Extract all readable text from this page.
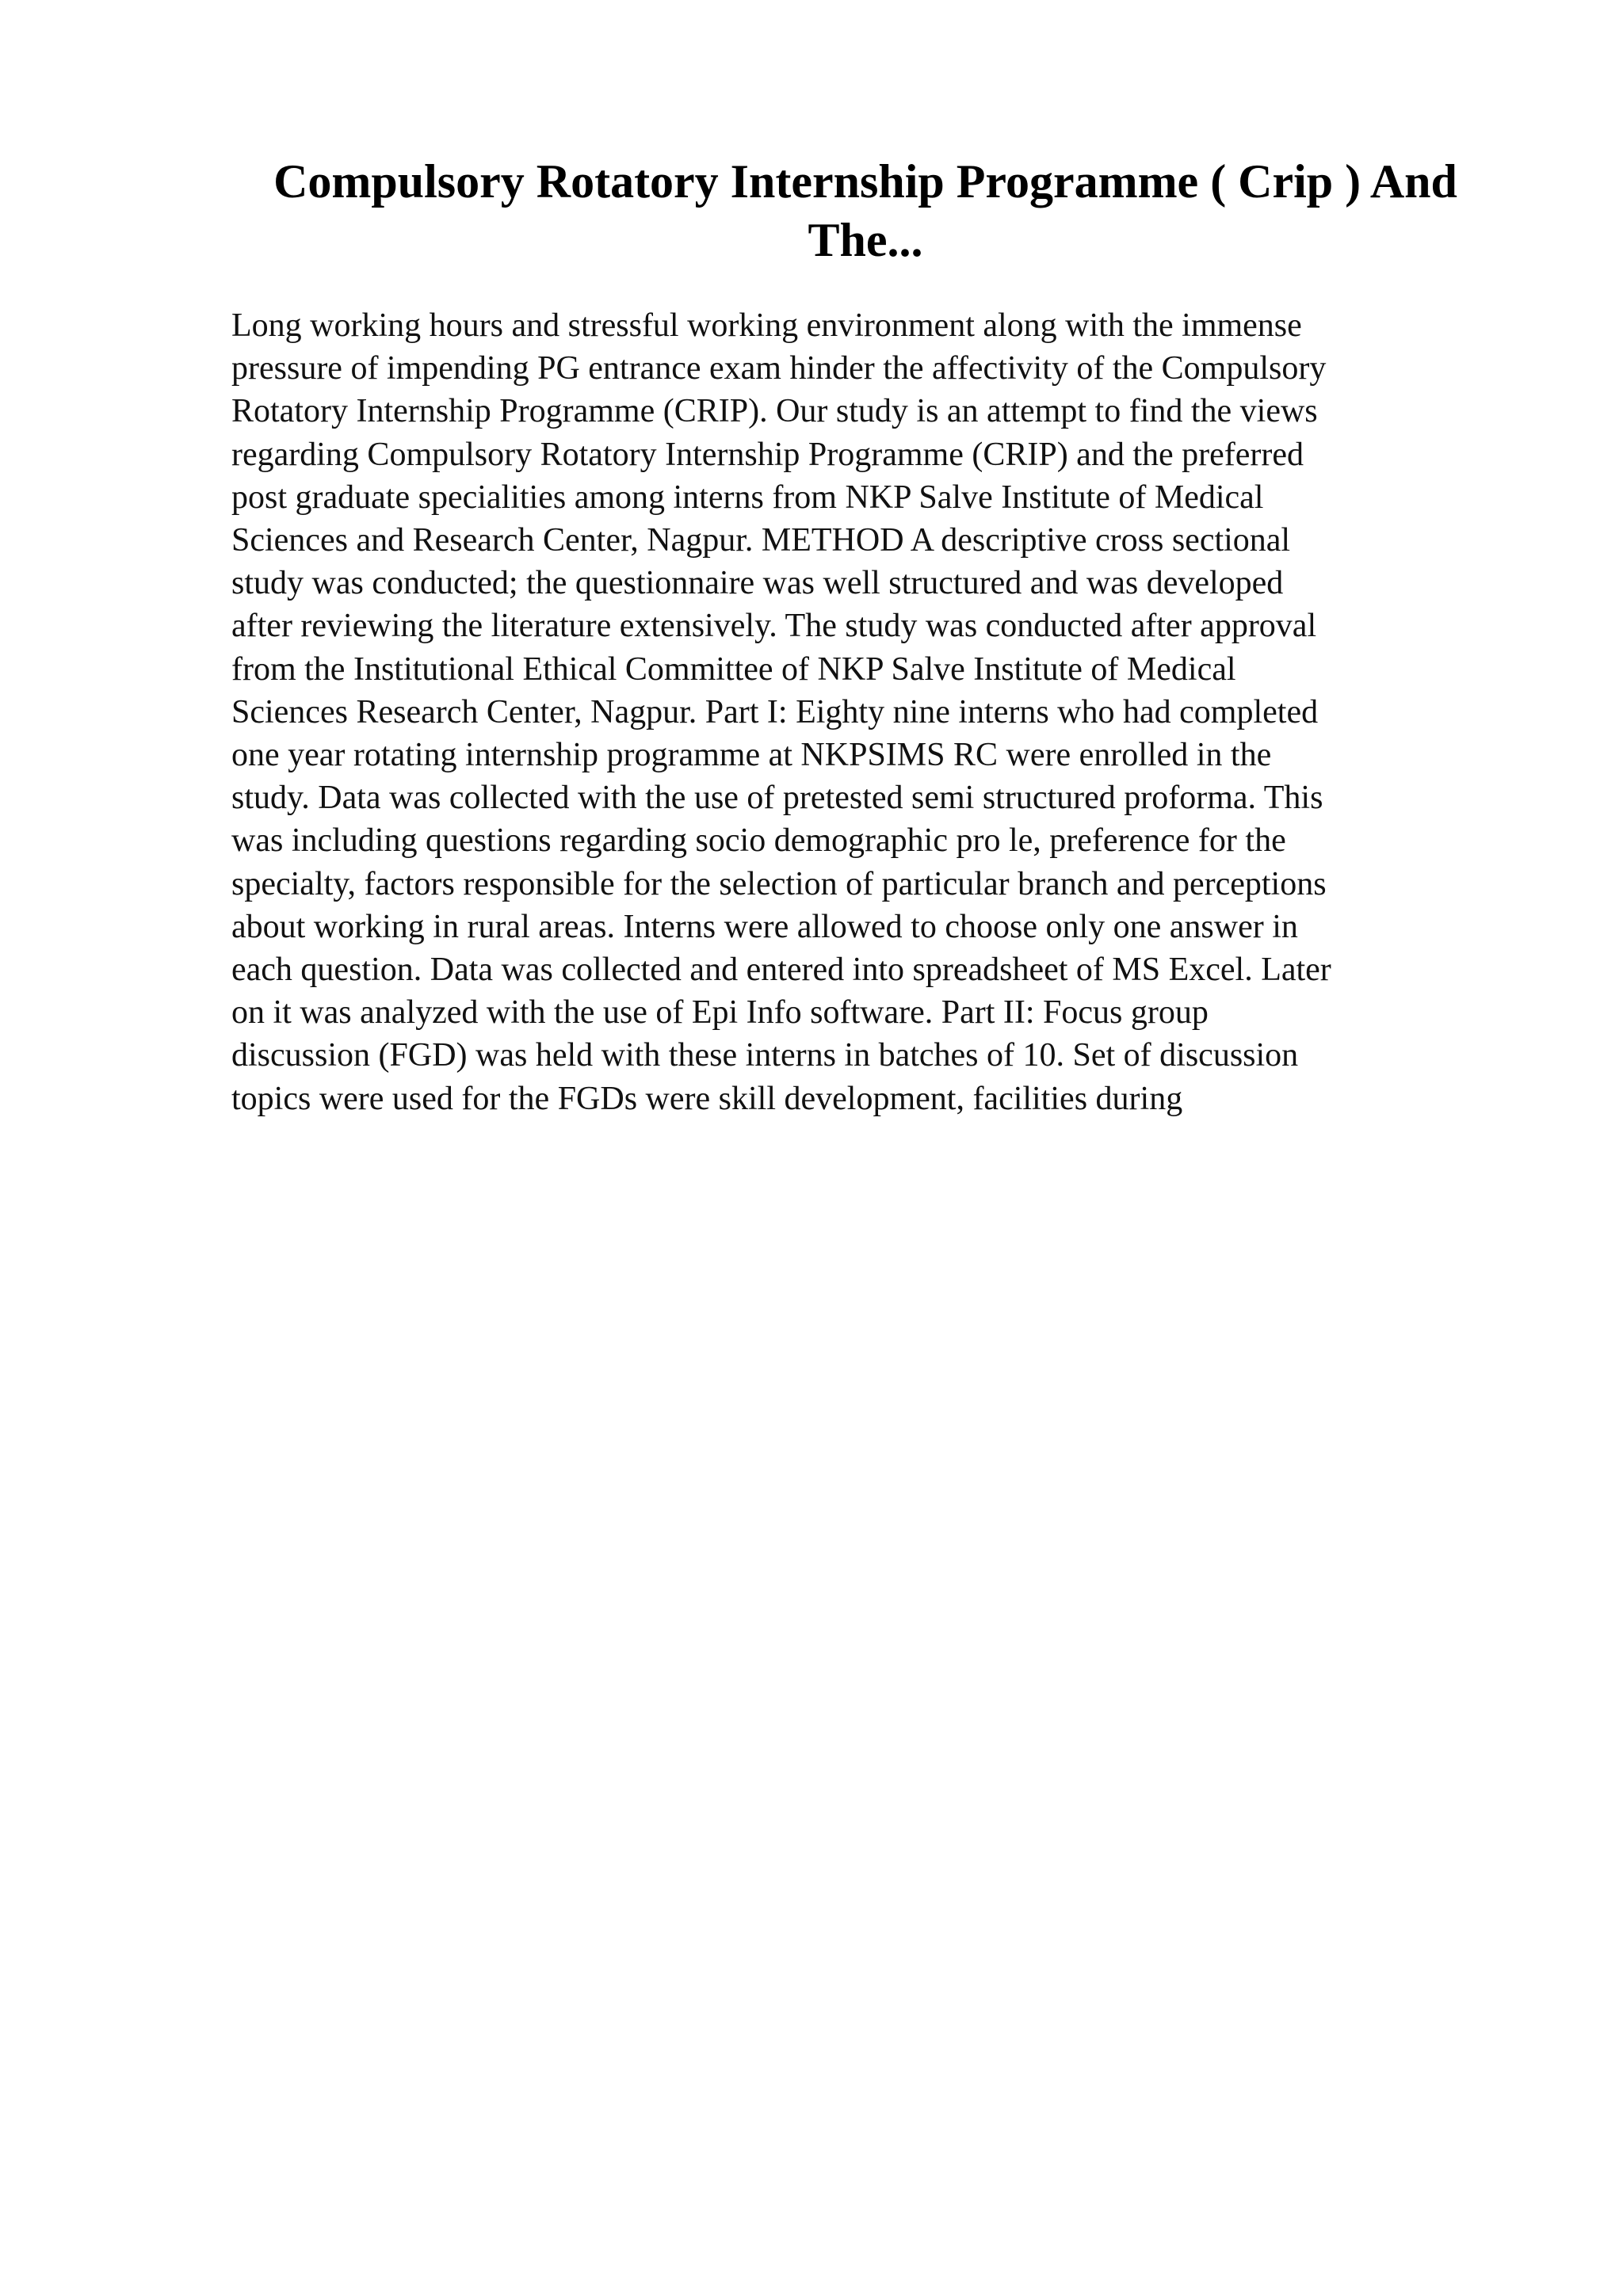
Compulsory Rotatory Internship Programme ( Crip ) And The...
Long working hours and stressful working environment along with the immense
pressure of impending PG entrance exam hinder the affectivity of the Compulsory
Rotatory Internship Programme (CRIP). Our study is an attempt to find the views
regarding Compulsory Rotatory Internship Programme (CRIP) and the preferred
post graduate specialities among interns from NKP Salve Institute of Medical
Sciences and Research Center, Nagpur. METHOD A descriptive cross sectional
study was conducted; the questionnaire was well structured and was developed
after reviewing the literature extensively. The study was conducted after approval
from the Institutional Ethical Committee of NKP Salve Institute of Medical
Sciences Research Center, Nagpur. Part I: Eighty nine interns who had completed
one year rotating internship programme at NKPSIMS RC were enrolled in the
study. Data was collected with the use of pretested semi structured proforma. This
was including questions regarding socio demographic pro le, preference for the
specialty, factors responsible for the selection of particular branch and perceptions
about working in rural areas. Interns were allowed to choose only one answer in
each question. Data was collected and entered into spreadsheet of MS Excel. Later
on it was analyzed with the use of Epi Info software. Part II: Focus group
discussion (FGD) was held with these interns in batches of 10. Set of discussion
topics were used for the FGDs were skill development, facilities during
